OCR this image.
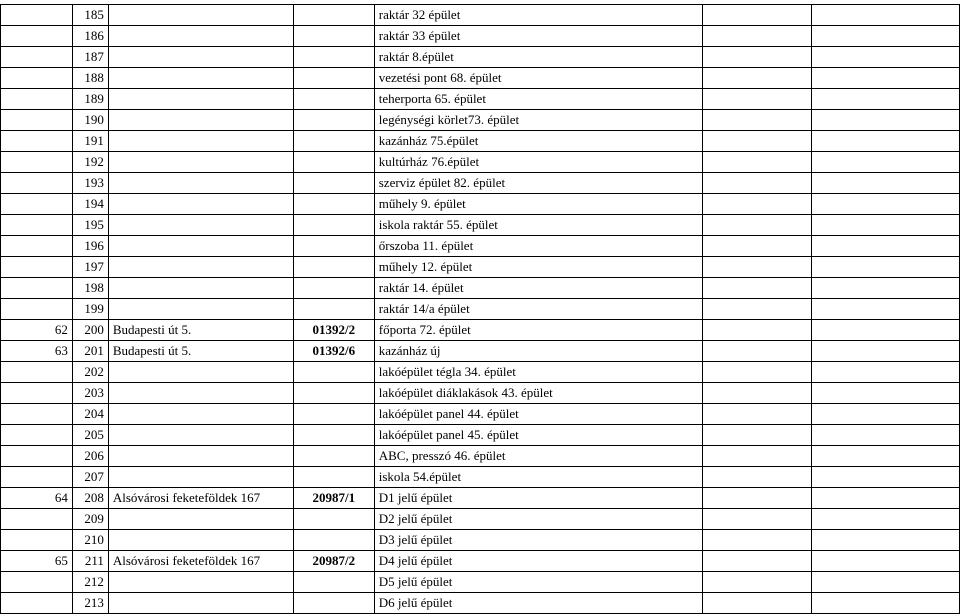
	185			raktár 32 épület		
	186			raktár 33 épület		
	187			raktár 8.épület		
	188			vezetési pont 68. épület		
	189			teherporta 65. épület		
	190			legénységi körlet73. épület		
	191			kazánház 75.épület		
	192			kultúrház 76.épület		
	193			szerviz épület 82. épület		
	194			műhely 9. épület		
	195			iskola raktár 55. épület		
	196			őrszoba 11. épület		
	197			műhely 12. épület		
	198			raktár 14. épület		
	199			raktár 14/a épület		
62	200	Budapesti út 5.	01392/2	főporta 72. épület		
63	201	Budapesti út 5.	01392/6	kazánház új		
	202			lakóépület tégla 34. épület		
	203			lakóépület diáklakások 43. épület		
	204			lakóépület panel 44. épület		
	205			lakóépület panel 45. épület		
	206			ABC, presszó 46. épület		
	207			iskola 54.épület		
64	208	Alsóvárosi feketeföldek 167	20987/1	D1 jelű épület		
	209			D2 jelű épület		
	210			D3 jelű épület		
65	211	Alsóvárosi feketeföldek 167	20987/2	D4 jelű épület		
	212			D5 jelű épület		
	213			D6 jelű épület		
